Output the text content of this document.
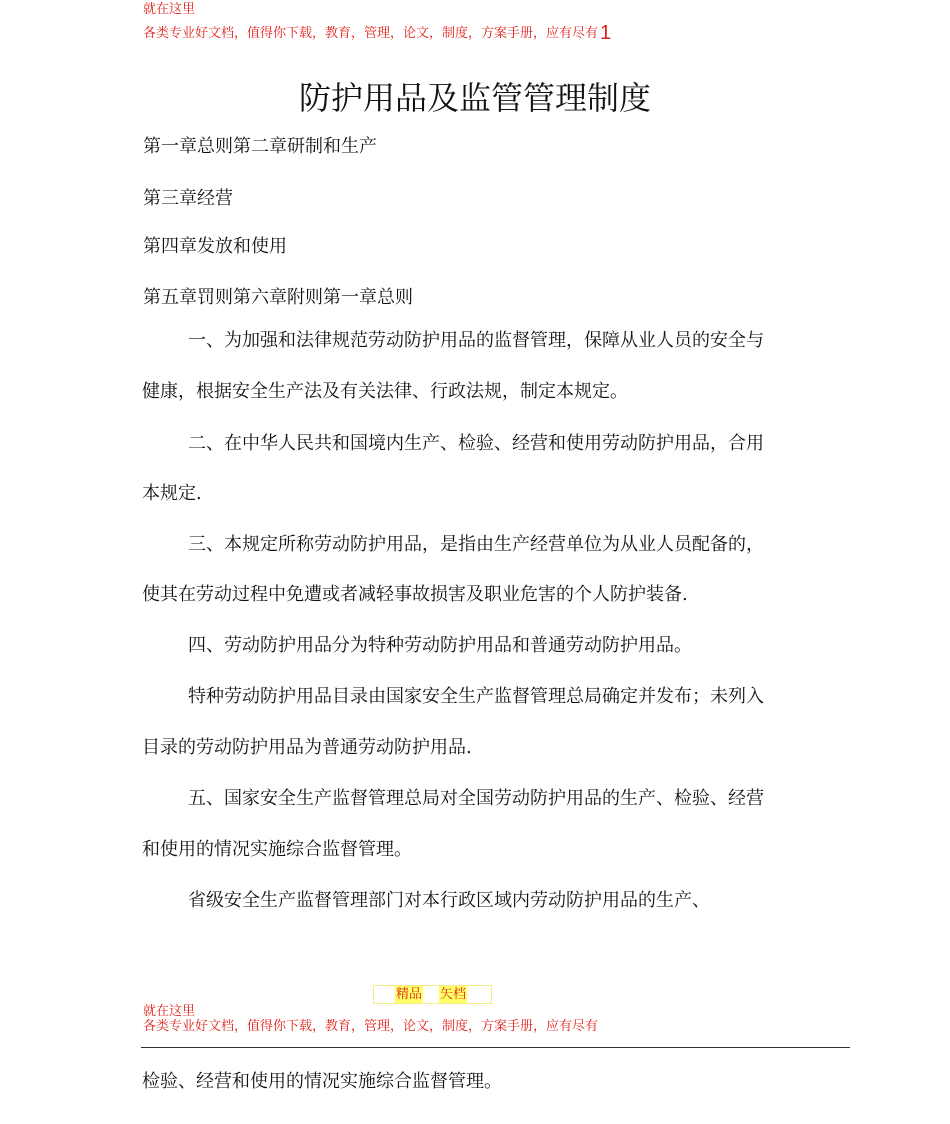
就在这里
各类专业好文档，值得你下载，教育，管理，论文，制度，方案手册，应有尽有 1
防护用品及监管管理制度
第一章总则第二章研制和生产
第三章经营
第四章发放和使用
第五章罚则第六章附则第一章总则
一、为加强和法律规范劳动防护用品的监督管理，保障从业人员的安全与
健康，根据安全生产法及有关法律、行政法规，制定本规定。
二、在中华人民共和国境内生产、检验、经营和使用劳动防护用品，合用
本规定.
三、本规定所称劳动防护用品，是指由生产经营单位为从业人员配备的，
使其在劳动过程中免遭或者减轻事故损害及职业危害的个人防护装备.
四、劳动防护用品分为特种劳动防护用品和普通劳动防护用品。
特种劳动防护用品目录由国家安全生产监督管理总局确定并发布；未列入
目录的劳动防护用品为普通劳动防护用品.
五、国家安全生产监督管理总局对全国劳动防护用品的生产、检验、经营
和使用的情况实施综合监督管理。
省级安全生产监督管理部门对本行政区域内劳动防护用品的生产、
精品 矢档
就在这里
各类专业好文档，值得你下载，教育，管理，论文，制度，方案手册，应有尽有
检验、经营和使用的情况实施综合监督管理。
